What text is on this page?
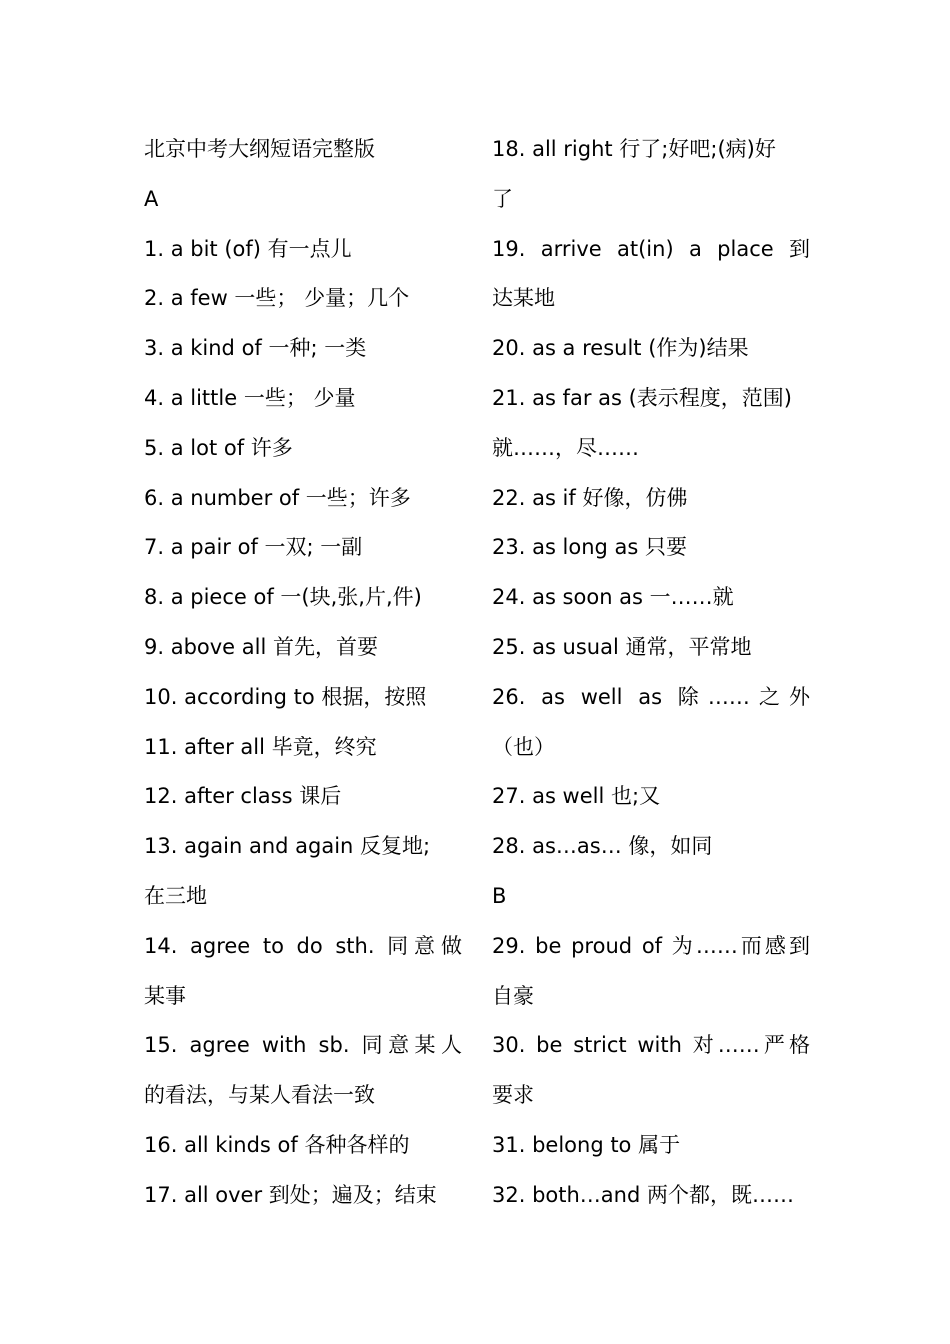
北京中考大纲短语完整版
A
1. a bit (of) 有一点儿
2. a few 一些； 少量；几个
3. a kind of 一种; 一类
4. a little 一些； 少量
5. a lot of 许多
6. a number of 一些；许多
7. a pair of 一双; 一副
8. a piece of 一(块,张,片,件)
9. above all 首先，首要
10. according to 根据，按照
11. after all 毕竟，终究
12. after class 课后
13. again and again 反复地;
在三地
14. agree to do sth. 同意做
某事
15. agree with sb. 同意某人
的看法，与某人看法一致
16. all kinds of 各种各样的
17. all over 到处；遍及；结束
18. all right 行了;好吧;(病)好
了
19. arrive at(in) a place 到
达某地
20. as a result (作为)结果
21. as far as (表示程度，范围)
就……，尽……
22. as if 好像，仿佛
23. as long as 只要
24. as soon as 一……就
25. as usual 通常，平常地
26. as well as 除……之外
（也）
27. as well 也;又
28. as…as… 像，如同
B
29. be proud of 为……而感到
自豪
30. be strict with 对……严格
要求
31. belong to 属于
32. both…and 两个都，既……
